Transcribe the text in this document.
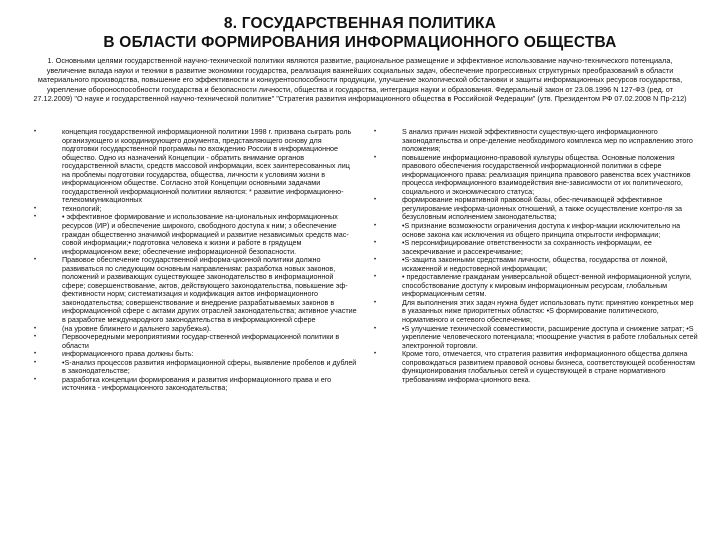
8. ГОСУДАРСТВЕННАЯ ПОЛИТИКА
В ОБЛАСТИ ФОРМИРОВАНИЯ ИНФОРМАЦИОННОГО ОБЩЕСТВА
1. Основными целями государственной научно-технической политики являются развитие, рациональное размещение и эффективное использование научно-технического потенциала, увеличение вклада науки и техники в развитие экономики государства, реализация важнейших социальных задач, обеспечение прогрессивных структурных преобразований в области материального производства, повышение его эффективности и конкурентоспособности продукции, улучшение экологической обстановки и защиты информационных ресурсов государства, укрепление обороноспособности государства и безопасности личности, общества и государства, интеграция науки и образования. Федеральный закон от 23.08.1996 N 127-ФЗ (ред. от 27.12.2009) "О науке и государственной научно-технической политике" "Стратегия развития информационного общества в Российской Федерации" (утв. Президентом РФ 07.02.2008 N Пр-212)
•	концепция государственной информационной политики 1998 г. призвана сыграть роль организующего и координирующего документа, представляющего основу для подготовки государственной программы по вхождению России в информационное общество. Одно из назначений Концепции - обратить внимание органов государственной власти, средств массовой информации, всех заинтересованных лиц на проблемы подготовки государства, общества, личности к условиям жизни в информационном обществе. Согласно этой Концепции основными задачами государственной информационной политики являются: * развитие информационно-телекоммуникационных
•	технологий;
•	• эффективное формирование и использование на-циональных информационных ресурсов (ИР) и обеспечение широкого, свободного доступа к ним; з обеспечение граждан общественно значимой информацией и развитие независимых средств мас-совой информации;• подготовка человека к жизни и работе в грядущем информационном веке; обеспечение информационной безопасности.
•	Правовое обеспечение государственной информа-ционной политики должно развиваться по следующим основным направлениям: разработка новых законов, положений и развивающих существующее законодательство в информационной сфере; совершенствование, актов, действующего законодательства, повышение эф-фективности норм; систематизация и кодификация актов информационного законодательства; совершенствование и внедрение разрабатываемых законов в информационной сфере с актами других отраслей законодательства; активное участие в разработке международного законодательства в информационной сфере
•	(на уровне ближнего и дальнего зарубежья).
•	Первоочередными мероприятиями государ-ственной информационной политики в области
•	информационного права должны быть:
•	•S-анализ процессов развития информационной сферы, выявление пробелов и дублей в законодательстве;
•	разработка концепции формирования и развития информационного права и его источника - информационного законодательства;
•	S анализ причин низкой эффективности существую-щего информационного законодательства и опре-деление необходимого комплекса мер по исправлению этого положения;
•	повышение информационно-правовой культуры общества. Основные положения правового обеспечения государственной информационной политики в сфере информационного права: реализация принципа правового равенства всех участников процесса информационного взаимодействия вне-зависимости от их политического, социального и экономического статуса;
•	формирование нормативной правовой базы, обес-печивающей эффективное регулирование информа-ционных отношений, а также осуществление контро-ля за безусловным исполнением законодательства;
•	•S признание возможности ограничения доступа к инфор-мации исключительно на основе закона как исключения из общего принципа открытости информации;
•	•S персонифицирование ответственности за сохранность информации, ее засекречивание и рассекречивание;
•	•S-защита законными средствами личности, общества, государства от ложной, искаженной и недостоверной информации;
•	• предоставление гражданам универсальной общест-венной информационной услуги, способствование доступу к мировым информационным ресурсам, глобальным информационным сетям.
•	Для выполнения этих задач нужна будет использовать пути: принятию конкретных мер в указанных ниже приоритетных областях: •S формирование политического, нормативного и сетевого обеспечения;
•	•S улучшение технической совместимости, расширение доступа и снижение затрат; •S укрепление человеческого потенциала; •поощрение участия в работе глобальных сетей электронной торговли.
•	Кроме того, отмечается, что стратегия развития информационного общества должна сопровождаться развитием правовой основы бизнеса, соответствующей особенностям функционирования глобальных сетей и существующей в стране нормативного требованиям информа-ционного века.
